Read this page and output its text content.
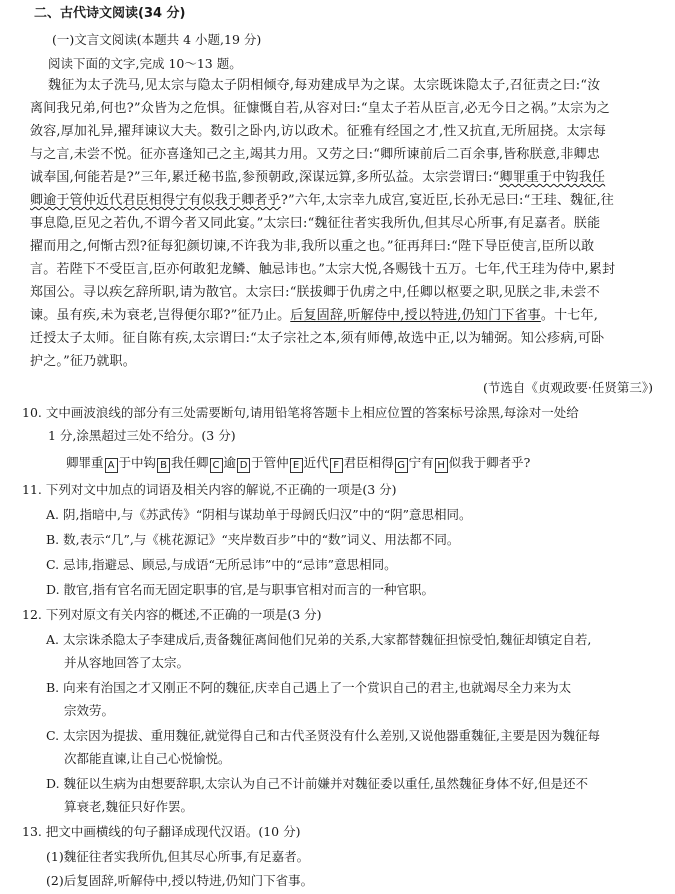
二、古代诗文阅读(34 分)
(一)文言文阅读(本题共 4 小题,19 分)
阅读下面的文字,完成 10～13 题。
魏征为太子洗马,见太宗与隐太子阴相倾夺,每劝建成早为之谋。太宗既诛隐太子,召征责之曰:“汝
离间我兄弟,何也?”众皆为之危惧。征慷慨自若,从容对曰:“皇太子若从臣言,必无今日之祸。”太宗为之
敛容,厚加礼异,擢拜谏议大夫。数引之卧内,访以政术。征雅有经国之才,性又抗直,无所屈挠。太宗每
与之言,未尝不悦。征亦喜逢知己之主,竭其力用。又劳之曰:“卿所谏前后二百余事,皆称朕意,非卿忠
诚奉国,何能若是?”三年,累迁秘书监,参预朝政,深谋远算,多所弘益。太宗尝谓曰:“卿罪重于中钩我任
卿逾于管仲近代君臣相得宁有似我于卿者乎?”六年,太宗幸九成宫,宴近臣,长孙无忌曰:“王珪、魏征,往
事息隐,臣见之若仇,不谓今者又同此宴。”太宗曰:“魏征往者实我所仇,但其尽心所事,有足嘉者。朕能
擢而用之,何惭古烈?征每犯颜切谏,不许我为非,我所以重之也。”征再拜曰:“陛下导臣使言,臣所以敢
言。若陛下不受臣言,臣亦何敢犯龙鳞、触忌讳也。”太宗大悦,各赐钱十五万。七年,代王珪为侍中,累封
郑国公。寻以疾乞辞所职,请为散官。太宗曰:“朕拔卿于仇虏之中,任卿以枢要之职,见朕之非,未尝不
谏。虽有疾,未为衰老,岂得便尔耶?”征乃止。后复固辞,听解侍中,授以特进,仍知门下省事。十七年,
迁授太子太师。征自陈有疾,太宗谓曰:“太子宗社之本,须有师傅,故选中正,以为辅弼。知公疹病,可卧
护之。”征乃就职。
(节选自《贞观政要·任贤第三》)
10. 文中画波浪线的部分有三处需要断句,请用铅笔将答题卡上相应位置的答案标号涂黑,每涂对一处给
1 分,涂黑超过三处不给分。(3 分)
卿罪重 A 于中钩 B 我任卿 C 逾 D 于管仲 E 近代 F 君臣相得 G 宁有 H 似我于卿者乎?
11. 下列对文中加点的词语及相关内容的解说,不正确的一项是(3 分)
A. 阴,指暗中,与《苏武传》“阴相与谋劫单于母阏氏归汉”中的“阴”意思相同。
B. 数,表示“几”,与《桃花源记》“夹岸数百步”中的“数”词义、用法都不同。
C. 忌讳,指避忌、顾忌,与成语“无所忌讳”中的“忌讳”意思相同。
D. 散官,指有官名而无固定职事的官,是与职事官相对而言的一种官职。
12. 下列对原文有关内容的概述,不正确的一项是(3 分)
A. 太宗诛杀隐太子李建成后,责备魏征离间他们兄弟的关系,大家都替魏征担惊受怕,魏征却镇定自若,
并从容地回答了太宗。
B. 向来有治国之才又刚正不阿的魏征,庆幸自己遇上了一个赏识自己的君主,也就竭尽全力来为太
宗效劳。
C. 太宗因为提拔、重用魏征,就觉得自己和古代圣贤没有什么差别,又说他器重魏征,主要是因为魏征每
次都能直谏,让自己心悦愉悦。
D. 魏征以生病为由想要辞职,太宗认为自己不计前嫌并对魏征委以重任,虽然魏征身体不好,但是还不
算衰老,魏征只好作罢。
13. 把文中画横线的句子翻译成现代汉语。(10 分)
(1)魏征往者实我所仇,但其尽心所事,有足嘉者。
(2)后复固辞,听解侍中,授以特进,仍知门下省事。
